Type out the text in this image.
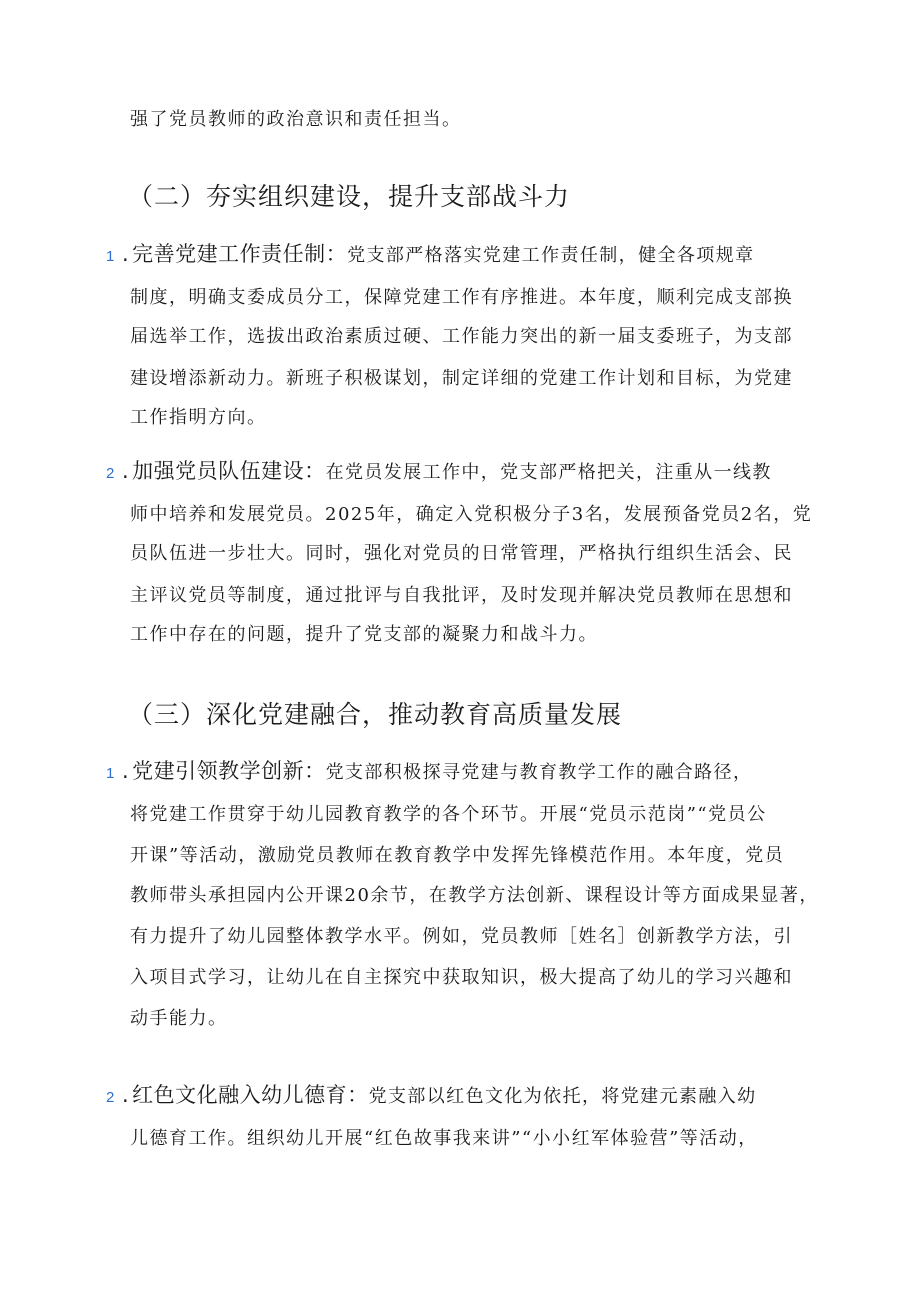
强了党员教师的政治意识和责任担当。
（二）夯实组织建设，提升支部战斗力
1 .完善党建工作责任制：党支部严格落实党建工作责任制，健全各项规章
制度，明确支委成员分工，保障党建工作有序推进。本年度，顺利完成支部换
届选举工作，选拔出政治素质过硬、工作能力突出的新一届支委班子，为支部
建设增添新动力。新班子积极谋划，制定详细的党建工作计划和目标，为党建
工作指明方向。
2 .加强党员队伍建设：在党员发展工作中，党支部严格把关，注重从一线教
师中培养和发展党员。2025年，确定入党积极分子3名，发展预备党员2名，党
员队伍进一步壮大。同时，强化对党员的日常管理，严格执行组织生活会、民
主评议党员等制度，通过批评与自我批评，及时发现并解决党员教师在思想和
工作中存在的问题，提升了党支部的凝聚力和战斗力。
（三）深化党建融合，推动教育高质量发展
1 .党建引领教学创新：党支部积极探寻党建与教育教学工作的融合路径，
将党建工作贯穿于幼儿园教育教学的各个环节。开展“党员示范岗”“党员公
开课”等活动，激励党员教师在教育教学中发挥先锋模范作用。本年度，党员
教师带头承担园内公开课20余节，在教学方法创新、课程设计等方面成果显著，
有力提升了幼儿园整体教学水平。例如，党员教师［姓名］创新教学方法，引
入项目式学习，让幼儿在自主探究中获取知识，极大提高了幼儿的学习兴趣和
动手能力。
2 .红色文化融入幼儿德育：党支部以红色文化为依托，将党建元素融入幼
儿德育工作。组织幼儿开展“红色故事我来讲”“小小红军体验营”等活动，
